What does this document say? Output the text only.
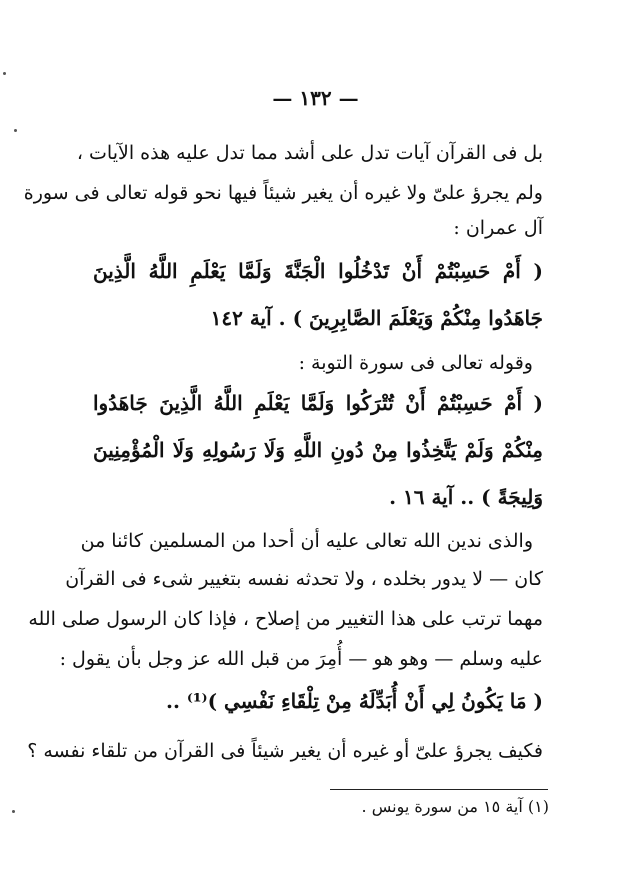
— ١٣٢ —
بل فى القرآن آيات تدل على أشد مما تدل عليه هذه الآيات ،
ولم يجرؤ علىّ ولا غيره أن يغير شيئاً فيها نحو قوله تعالى فى سورة
آل عمران :
( أَمْ حَسِبْتُمْ أَنْ تَدْخُلُوا الْجَنَّةَ وَلَمَّا يَعْلَمِ اللَّهُ الَّذِينَ
جَاهَدُوا مِنْكُمْ وَيَعْلَمَ الصَّابِرِينَ ) . آية ١٤٢
وقوله تعالى فى سورة التوبة :
( أَمْ حَسِبْتُمْ أَنْ تُتْرَكُوا وَلَمَّا يَعْلَمِ اللَّهُ الَّذِينَ جَاهَدُوا
مِنْكُمْ وَلَمْ يَتَّخِذُوا مِنْ دُونِ اللَّهِ وَلَا رَسُولِهِ وَلَا الْمُؤْمِنِينَ
وَلِيجَةً ) .. آية ١٦ .
والذى ندين الله تعالى عليه أن أحدا من المسلمين كائنا من
كان — لا يدور بخلده ، ولا تحدثه نفسه بتغيير شىء فى القرآن
مهما ترتب على هذا التغيير من إصلاح ، فإذا كان الرسول صلى الله
عليه وسلم — وهو هو — أُمِرَ من قبل الله عز وجل بأن يقول :
( مَا يَكُونُ لِي أَنْ أُبَدِّلَهُ مِنْ تِلْقَاءِ نَفْسِي )⁽¹⁾ ..
فكيف يجرؤ علىّ أو غيره أن يغير شيئاً فى القرآن من تلقاء نفسه ؟
(١) آية ١٥ من سورة يونس .
